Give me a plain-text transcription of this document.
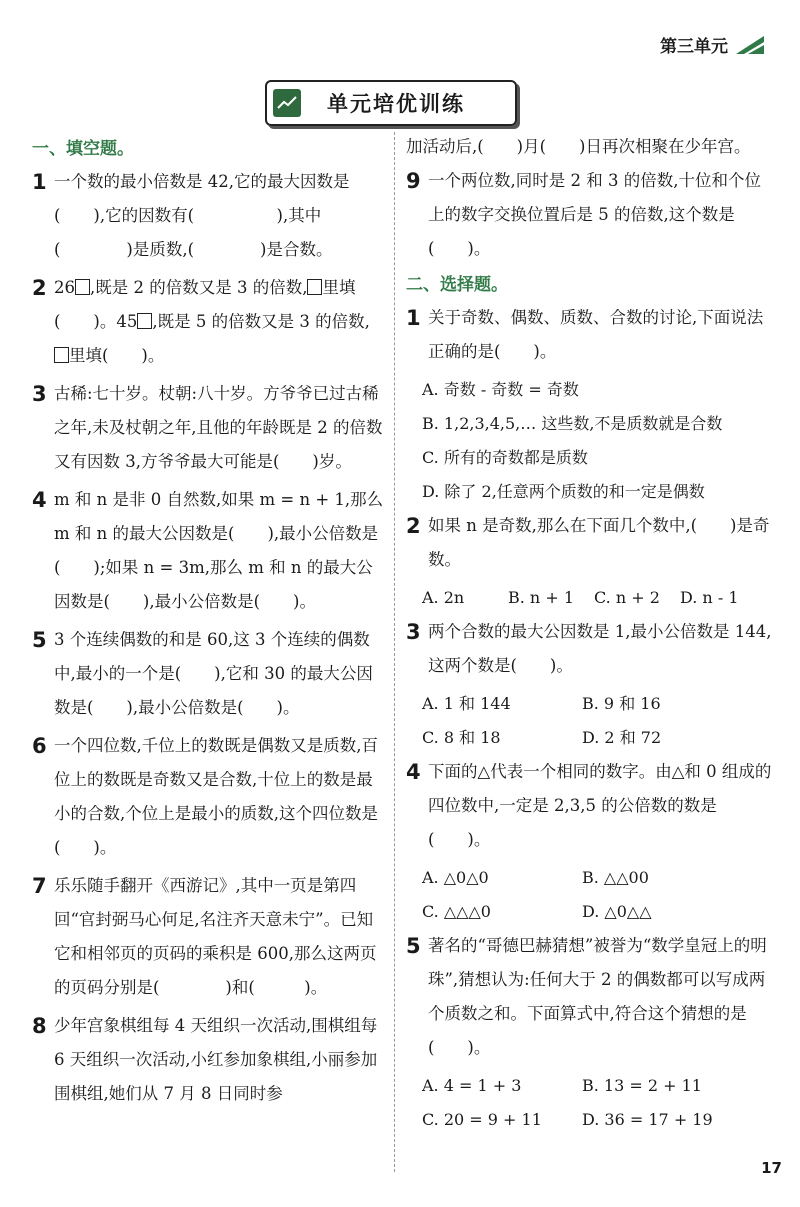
第三单元
单元培优训练
一、填空题。
1 一个数的最小倍数是 42,它的最大因数是(　　),它的因数有(　　　　　),其中(　　　　)是质数,(　　　　)是合数。
2 26 ,既是 2 的倍数又是 3 的倍数, 里填(　　)。45 ,既是 5 的倍数又是 3 的倍数,里填(　　)。
3 古稀:七十岁。杖朝:八十岁。方爷爷已过古稀之年,未及杖朝之年,且他的年龄既是 2 的倍数又有因数 3,方爷爷最大可能是(　　)岁。
4 m 和 n 是非 0 自然数,如果 m = n + 1,那么 m 和 n 的最大公因数是(　　),最小公倍数是(　　);如果 n = 3m,那么 m 和 n 的最大公因数是(　　),最小公倍数是(　　)。
5 3 个连续偶数的和是 60,这 3 个连续的偶数中,最小的一个是(　　),它和 30 的最大公因数是(　　),最小公倍数是(　　)。
6 一个四位数,千位上的数既是偶数又是质数,百位上的数既是奇数又是合数,十位上的数是最小的合数,个位上是最小的质数,这个四位数是(　　)。
7 乐乐随手翻开《西游记》,其中一页是第四回“官封弼马心何足,名注齐天意未宁”。已知它和相邻页的页码的乘积是 600,那么这两页的页码分别是(　　　　)和(　　　)。
8 少年宫象棋组每 4 天组织一次活动,围棋组每 6 天组织一次活动,小红参加象棋组,小丽参加围棋组,她们从 7 月 8 日同时参
加活动后,(　　)月(　　)日再次相聚在少年宫。
9 一个两位数,同时是 2 和 3 的倍数,十位和个位上的数字交换位置后是 5 的倍数,这个数是(　　)。
二、选择题。
1 关于奇数、偶数、质数、合数的讨论,下面说法正确的是(　　)。
A. 奇数 - 奇数 = 奇数
B. 1,2,3,4,5,… 这些数,不是质数就是合数
C. 所有的奇数都是质数
D. 除了 2,任意两个质数的和一定是偶数
2 如果 n 是奇数,那么在下面几个数中,(　　)是奇数。
A. 2n	B. n + 1	C. n + 2	D. n - 1
3 两个合数的最大公因数是 1,最小公倍数是 144,这两个数是(　　)。
A. 1 和 144	B. 9 和 16
C. 8 和 18	D. 2 和 72
4 下面的△代表一个相同的数字。由△和 0 组成的四位数中,一定是 2,3,5 的公倍数的数是(　　)。
A. △0△0	B. △△00
C. △△△0	D. △0△△
5 著名的“哥德巴赫猜想”被誉为“数学皇冠上的明珠”,猜想认为:任何大于 2 的偶数都可以写成两个质数之和。下面算式中,符合这个猜想的是(　　)。
A. 4 = 1 + 3	B. 13 = 2 + 11
C. 20 = 9 + 11	D. 36 = 17 + 19
17
